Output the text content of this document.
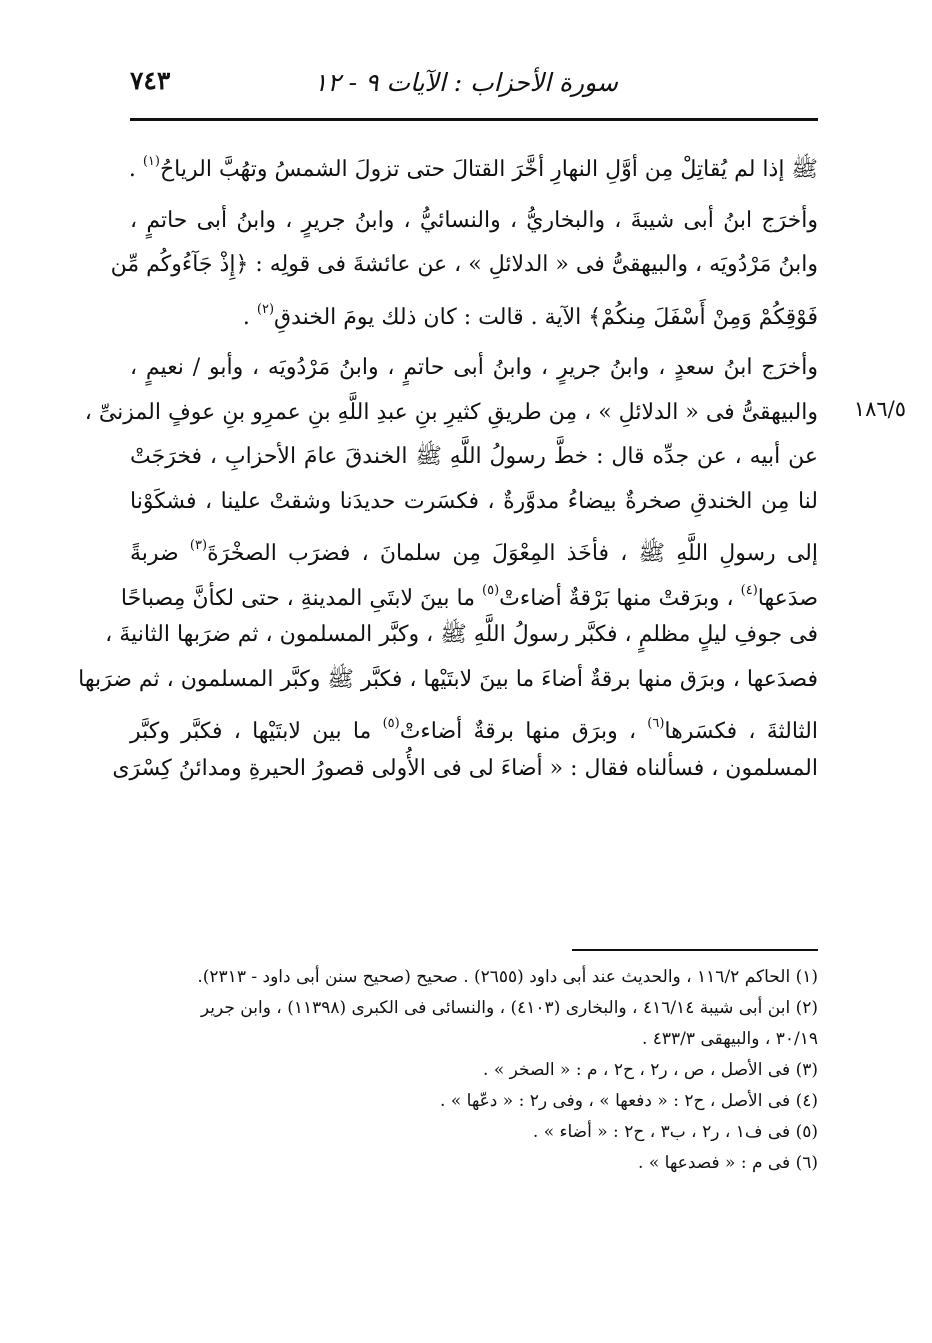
٧٤٣	سورة الأحزاب : الآيات ٩ - ١٢
١٨٦/٥
ﷺ إذا لم يُقاتِلْ مِن أوَّلِ النهارِ أخَّرَ القتالَ حتى تزولَ الشمسُ وتهُبَّ الرياحُ$^{(١)}$ .
وأخرَج ابنُ أبى شيبةَ ، والبخاريُّ ، والنسائيُّ ، وابنُ جريرٍ ، وابنُ أبى حاتمٍ ،
وابنُ مَرْدُويَه ، والبيهقىُّ فى « الدلائلِ » ، عن عائشةَ فى قولِه : ﴿إِذْ جَآءُوكُم مِّن
فَوْقِكُمْ وَمِنْ أَسْفَلَ مِنكُمْ﴾ الآية . قالت : كان ذلك يومَ الخندقِ$^{(٢)}$ .
وأخرَج ابنُ سعدٍ ، وابنُ جريرٍ ، وابنُ أبى حاتمٍ ، وابنُ مَرْدُويَه ، وأبو / نعيمٍ ،
والبيهقىُّ فى « الدلائلِ » ، مِن طريقِ كثيرِ بنِ عبدِ اللَّهِ بنِ عمرِو بنِ عوفٍ المزنىِّ ،
عن أبيه ، عن جدِّه قال : خطَّ رسولُ اللَّهِ ﷺ الخندقَ عامَ الأحزابِ ، فخرَجَتْ
لنا مِن الخندقِ صخرةٌ بيضاءُ مدوَّرةٌ ، فكسَرت حديدَنا وشقتْ علينا ، فشكَوْنا
إلى رسولِ اللَّهِ ﷺ ، فأخَذ المِعْوَلَ مِن سلمانَ ، فضرَب الصخْرَةَ$^{(٣)}$ ضربةً
صدَعها$^{(٤)}$ ، وبرَقتْ منها بَرْقةٌ أضاءتْ$^{(٥)}$ ما بينَ لابتَىِ المدينةِ ، حتى لكأنَّ مِصباحًا
فى جوفِ ليلٍ مظلمٍ ، فكبَّر رسولُ اللَّهِ ﷺ ، وكبَّر المسلمون ، ثم ضرَبها الثانيةَ ،
فصدَعها ، وبرَق منها برقةٌ أضاءَ ما بينَ لابتَيْها ، فكبَّر ﷺ وكبَّر المسلمون ، ثم ضرَبها
الثالثةَ ، فكسَرها$^{(٦)}$ ، وبرَق منها برقةٌ أضاءتْ$^{(٥)}$ ما بين لابتَيْها ، فكبَّر وكبَّر
المسلمون ، فسألناه فقال : « أضاءَ لى فى الأُولى قصورُ الحيرةِ ومدائنُ كِسْرَى
(١) الحاكم ١١٦/٢ ، والحديث عند أبى داود (٢٦٥٥) . صحيح (صحيح سنن أبى داود - ٢٣١٣).
(٢) ابن أبى شيبة ٤١٦/١٤ ، والبخارى (٤١٠٣) ، والنسائى فى الكبرى (١١٣٩٨) ، وابن جرير
٣٠/١٩ ، والبيهقى ٤٣٣/٣ .
(٣) فى الأصل ، ص ، ر٢ ، ح٢ ، م : « الصخر » .
(٤) فى الأصل ، ح٢ : « دفعها » ، وفى ر٢ : « دعّها » .
(٥) فى ف١ ، ر٢ ، ب٣ ، ح٢ : « أضاء » .
(٦) فى م : « فصدعها » .
